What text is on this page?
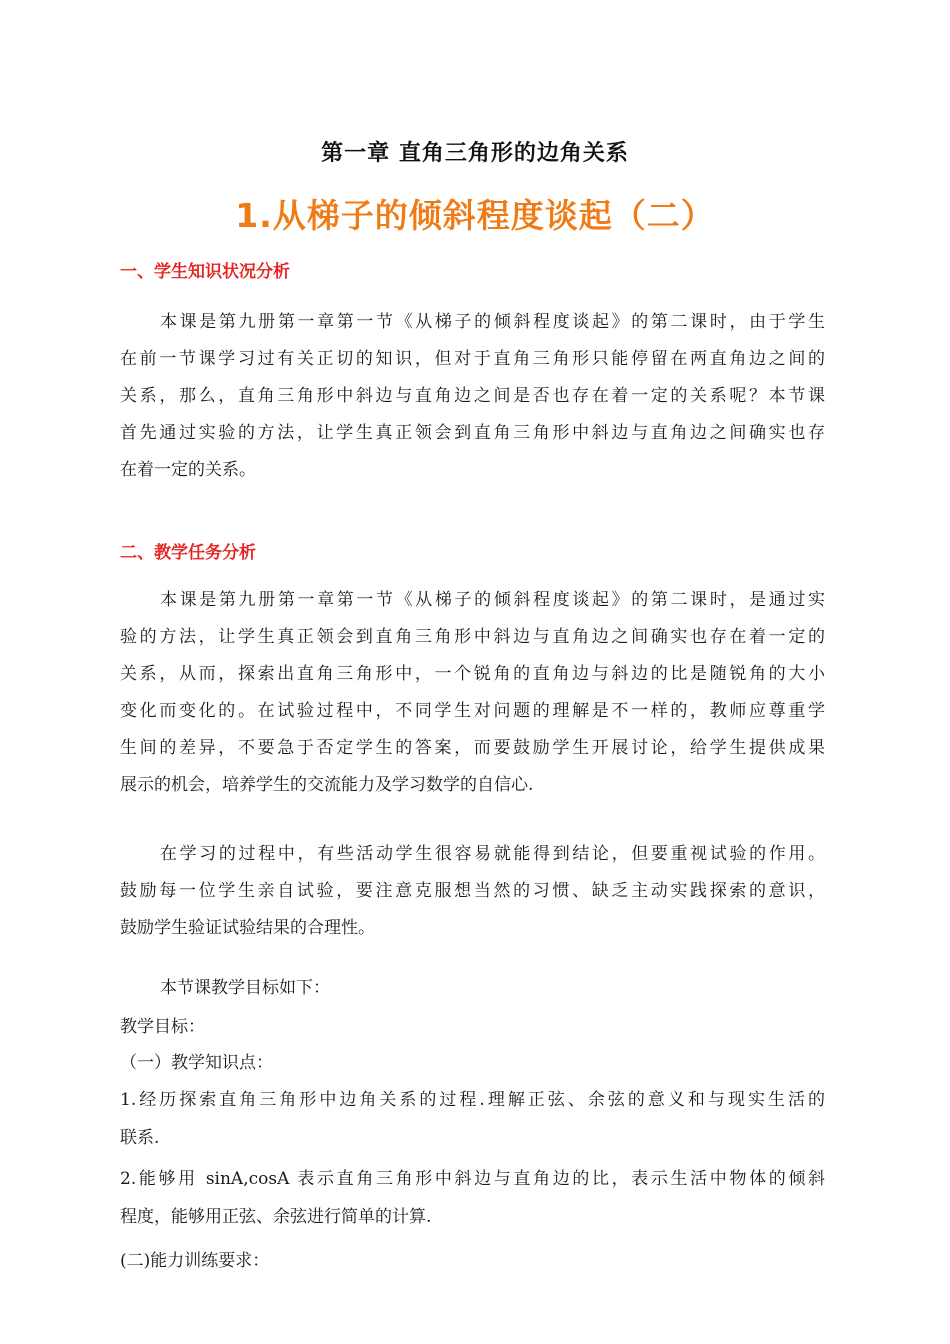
第一章 直角三角形的边角关系
1.从梯子的倾斜程度谈起（二）
一、学生知识状况分析
本课是第九册第一章第一节《从梯子的倾斜程度谈起》的第二课时，由于学生
在前一节课学习过有关正切的知识，但对于直角三角形只能停留在两直角边之间的
关系，那么，直角三角形中斜边与直角边之间是否也存在着一定的关系呢？本节课
首先通过实验的方法，让学生真正领会到直角三角形中斜边与直角边之间确实也存
在着一定的关系。
二、教学任务分析
本课是第九册第一章第一节《从梯子的倾斜程度谈起》的第二课时，是通过实
验的方法，让学生真正领会到直角三角形中斜边与直角边之间确实也存在着一定的
关系，从而，探索出直角三角形中，一个锐角的直角边与斜边的比是随锐角的大小
变化而变化的。在试验过程中，不同学生对问题的理解是不一样的，教师应尊重学
生间的差异，不要急于否定学生的答案，而要鼓励学生开展讨论，给学生提供成果
展示的机会，培养学生的交流能力及学习数学的自信心.
在学习的过程中，有些活动学生很容易就能得到结论，但要重视试验的作用。
鼓励每一位学生亲自试验，要注意克服想当然的习惯、缺乏主动实践探索的意识，
鼓励学生验证试验结果的合理性。
本节课教学目标如下：
教学目标：
（一）教学知识点：
1.经历探索直角三角形中边角关系的过程.理解正弦、余弦的意义和与现实生活的
联系.
2.能够用 sinA,cosA 表示直角三角形中斜边与直角边的比，表示生活中物体的倾斜
程度，能够用正弦、余弦进行简单的计算.
(二)能力训练要求：
